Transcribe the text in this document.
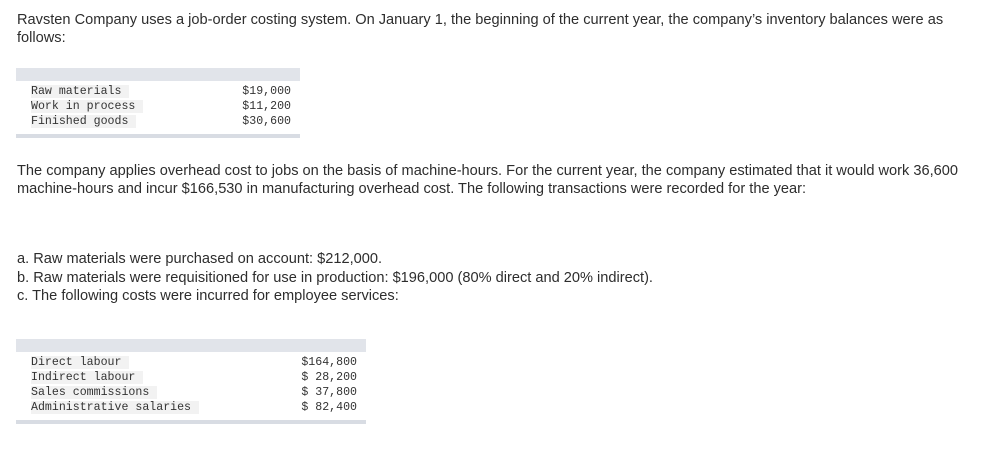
Ravsten Company uses a job-order costing system. On January 1, the beginning of the current year, the company’s inventory balances were as follows:

Raw materials	$19,000
Work in process	$11,200
Finished goods	$30,600

The company applies overhead cost to jobs on the basis of machine-hours. For the current year, the company estimated that it would work 36,600 machine-hours and incur $166,530 in manufacturing overhead cost. The following transactions were recorded for the year:

a. Raw materials were purchased on account: $212,000.
b. Raw materials were requisitioned for use in production: $196,000 (80% direct and 20% indirect).
c. The following costs were incurred for employee services:
Direct labour	$164,800
Indirect labour	$ 28,200
Sales commissions	$ 37,800
Administrative salaries	$ 82,400
